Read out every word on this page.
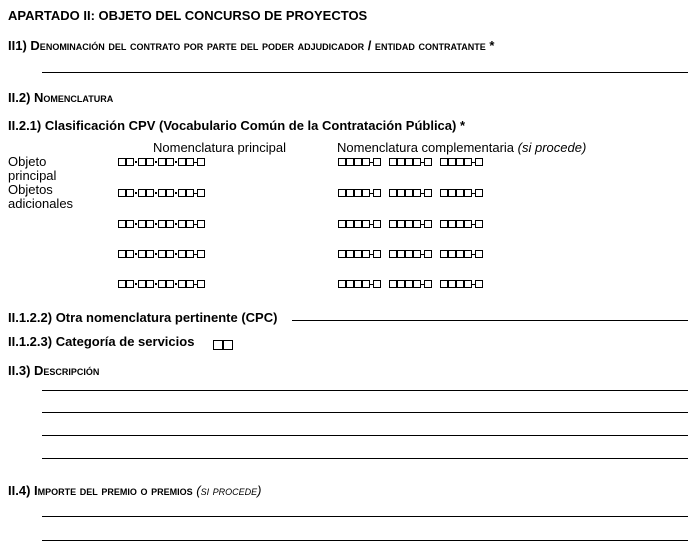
APARTADO II: OBJETO DEL CONCURSO DE PROYECTOS
II1) Denominación del contrato por parte del poder adjudicador / entidad contratante *
II.2) Nomenclatura
II.2.1) Clasificación CPV (Vocabulario Común de la Contratación Pública) *
Nomenclatura principal	Nomenclatura complementaria (si procede)
Objeto principal
Objetos adicionales
II.1.2.2) Otra nomenclatura pertinente (CPC)
II.1.2.3) Categoría de servicios
II.3) Descripción
II.4) Importe del premio o premios (si procede)
